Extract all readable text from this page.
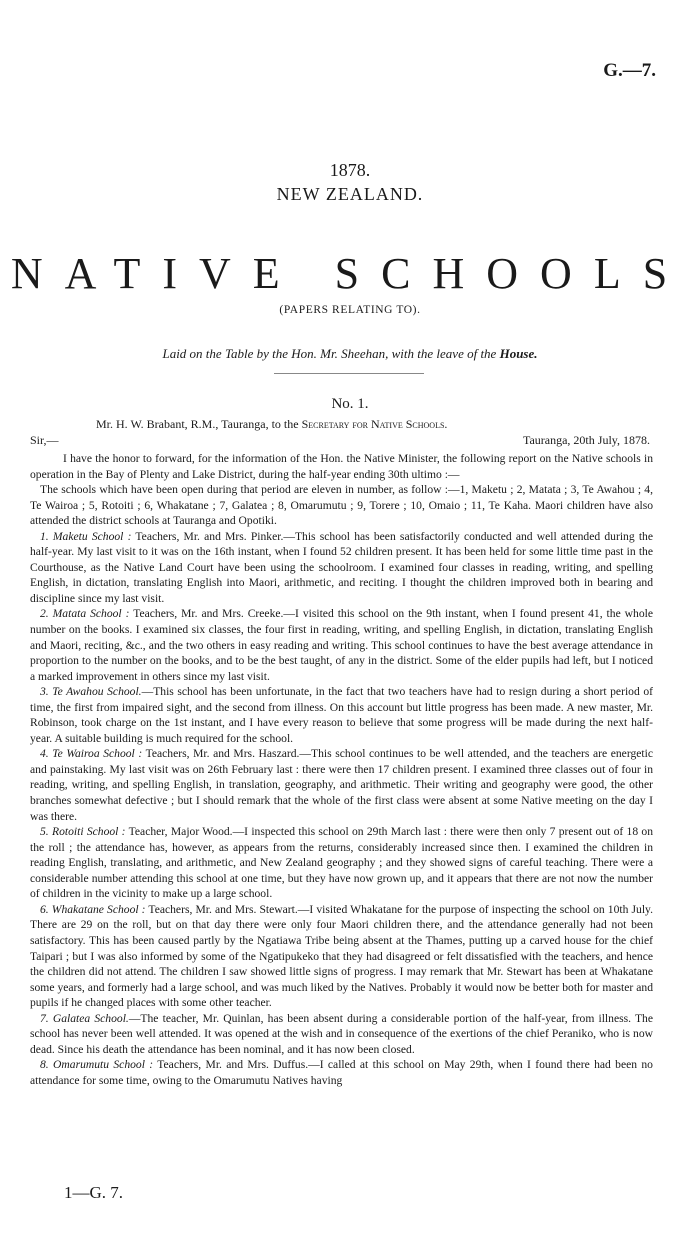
G.—7.
1878.
NEW ZEALAND.
NATIVE SCHOOLS
(PAPERS RELATING TO).
Laid on the Table by the Hon. Mr. Sheehan, with the leave of the House.
No. 1.
Mr. H. W. Brabant, R.M., Tauranga, to the Secretary for Native Schools.
Sir,—	Tauranga, 20th July, 1878.

I have the honor to forward, for the information of the Hon. the Native Minister, the following report on the Native schools in operation in the Bay of Plenty and Lake District, during the half-year ending 30th ultimo :—

The schools which have been open during that period are eleven in number, as follow :—1, Maketu ; 2, Matata ; 3, Te Awahou ; 4, Te Wairoa ; 5, Rotoiti ; 6, Whakatane ; 7, Galatea ; 8, Omarumutu ; 9, Torere ; 10, Omaio ; 11, Te Kaha. Maori children have also attended the district schools at Tauranga and Opotiki.

1. Maketu School : Teachers, Mr. and Mrs. Pinker.—This school has been satisfactorily conducted and well attended during the half-year. My last visit to it was on the 16th instant, when I found 52 children present. It has been held for some little time past in the Courthouse, as the Native Land Court have been using the schoolroom. I examined four classes in reading, writing, and spelling English, in dictation, translating English into Maori, arithmetic, and reciting. I thought the children improved both in bearing and discipline since my last visit.

2. Matata School : Teachers, Mr. and Mrs. Creeke.—I visited this school on the 9th instant, when I found present 41, the whole number on the books. I examined six classes, the four first in reading, writing, and spelling English, in dictation, translating English and Maori, reciting, &c., and the two others in easy reading and writing. This school continues to have the best average attendance in proportion to the number on the books, and to be the best taught, of any in the district. Some of the elder pupils had left, but I noticed a marked improvement in others since my last visit.

3. Te Awahou School.—This school has been unfortunate, in the fact that two teachers have had to resign during a short period of time, the first from impaired sight, and the second from illness. On this account but little progress has been made. A new master, Mr. Robinson, took charge on the 1st instant, and I have every reason to believe that some progress will be made during the next half-year. A suitable building is much required for the school.

4. Te Wairoa School : Teachers, Mr. and Mrs. Haszard.—This school continues to be well attended, and the teachers are energetic and painstaking. My last visit was on 26th February last : there were then 17 children present. I examined three classes out of four in reading, writing, and spelling English, in translation, geography, and arithmetic. Their writing and geography were good, the other branches somewhat defective ; but I should remark that the whole of the first class were absent at some Native meeting on the day I was there.

5. Rotoiti School : Teacher, Major Wood.—I inspected this school on 29th March last : there were then only 7 present out of 18 on the roll ; the attendance has, however, as appears from the returns, considerably increased since then. I examined the children in reading English, translating, and arithmetic, and New Zealand geography ; and they showed signs of careful teaching. There were a considerable number attending this school at one time, but they have now grown up, and it appears that there are not now the number of children in the vicinity to make up a large school.

6. Whakatane School : Teachers, Mr. and Mrs. Stewart.—I visited Whakatane for the purpose of inspecting the school on 10th July. There are 29 on the roll, but on that day there were only four Maori children there, and the attendance generally had not been satisfactory. This has been caused partly by the Ngatiawa Tribe being absent at the Thames, putting up a carved house for the chief Taipari ; but I was also informed by some of the Ngatipukeko that they had disagreed or felt dissatisfied with the teachers, and hence the children did not attend. The children I saw showed little signs of progress. I may remark that Mr. Stewart has been at Whakatane some years, and formerly had a large school, and was much liked by the Natives. Probably it would now be better both for master and pupils if he changed places with some other teacher.

7. Galatea School.—The teacher, Mr. Quinlan, has been absent during a considerable portion of the half-year, from illness. The school has never been well attended. It was opened at the wish and in consequence of the exertions of the chief Peraniko, who is now dead. Since his death the attendance has been nominal, and it has now been closed.

8. Omarumutu School : Teachers, Mr. and Mrs. Duffus.—I called at this school on May 29th, when I found there had been no attendance for some time, owing to the Omarumutu Natives having

1—G. 7.
